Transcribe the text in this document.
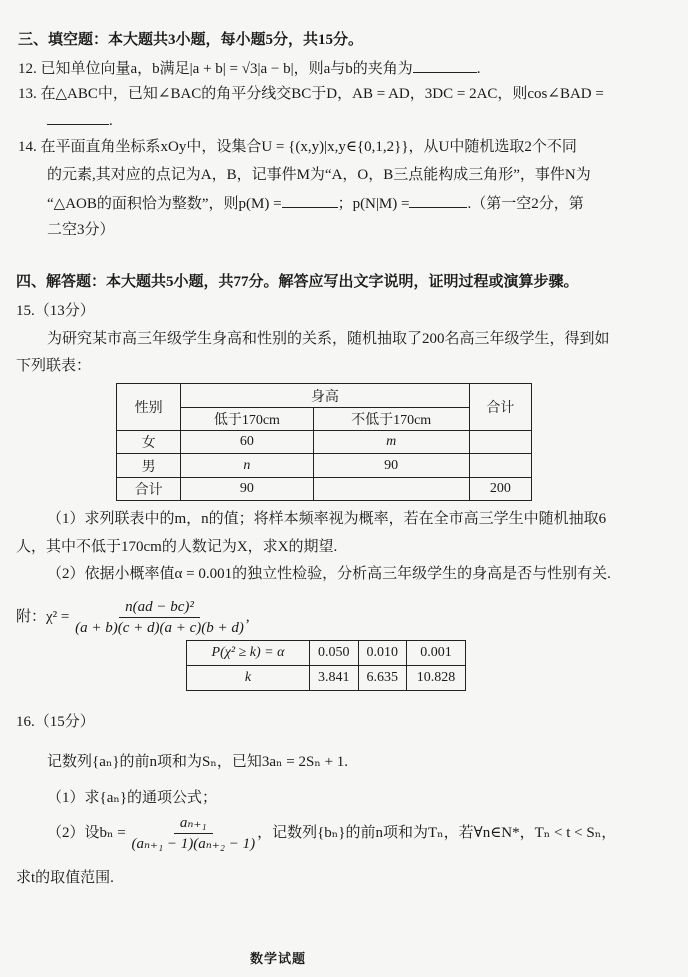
三、填空题：本大题共3小题，每小题5分，共15分。
12. 已知单位向量a，b满足|a + b| = √3|a − b|，则a与b的夹角为	.
13. 在△ABC中，已知∠BAC的角平分线交BC于D，AB = AD，3DC = 2AC，则cos∠BAD =
.
14. 在平面直角坐标系xOy中，设集合U = {(x,y)|x,y∈{0,1,2}}，从U中随机选取2个不同
的元素,其对应的点记为A，B，记事件M为“A，O，B三点能构成三角形”，事件N为
“△AOB的面积恰为整数”，则p(M) =	；p(N|M) =	.（第一空2分，第
二空3分）
四、解答题：本大题共5小题，共77分。解答应写出文字说明，证明过程或演算步骤。
15.（13分）
为研究某市高三年级学生身高和性别的关系，随机抽取了200名高三年级学生，得到如
下列联表：
性别	身高		合计
	低于170cm	不低于170cm	
女	60	m	
男	n	90	
合计	90		200
（1）求列联表中的m，n的值；将样本频率视为概率，若在全市高三学生中随机抽取6
人，其中不低于170cm的人数记为X，求X的期望.
（2）依据小概率值α = 0.001的独立性检验，分析高三年级学生的身高是否与性别有关.
附：$\chi^2 = \frac{\text{n(ad − bc)²}}{(a + b)(c + d)(a + c)(b + d)}$ ,
P(χ² ≥ k) = α	0.050	0.010	0.001
k	3.841	6.635	10.828
16.（15分）
记数列{aₙ}的前n项和为Sₙ，已知3aₙ = 2Sₙ + 1.
（1）求{aₙ}的通项公式；
（2）设$b_n = \frac{\text{aₙ₊₁}}{\text{(aₙ₊₁ − 1)(aₙ₊₂ − 1)}}$ ，记数列{bₙ}的前n项和为Tₙ，若∀n∈N*，Tₙ < t < Sₙ，
求t的取值范围.
数学试题
